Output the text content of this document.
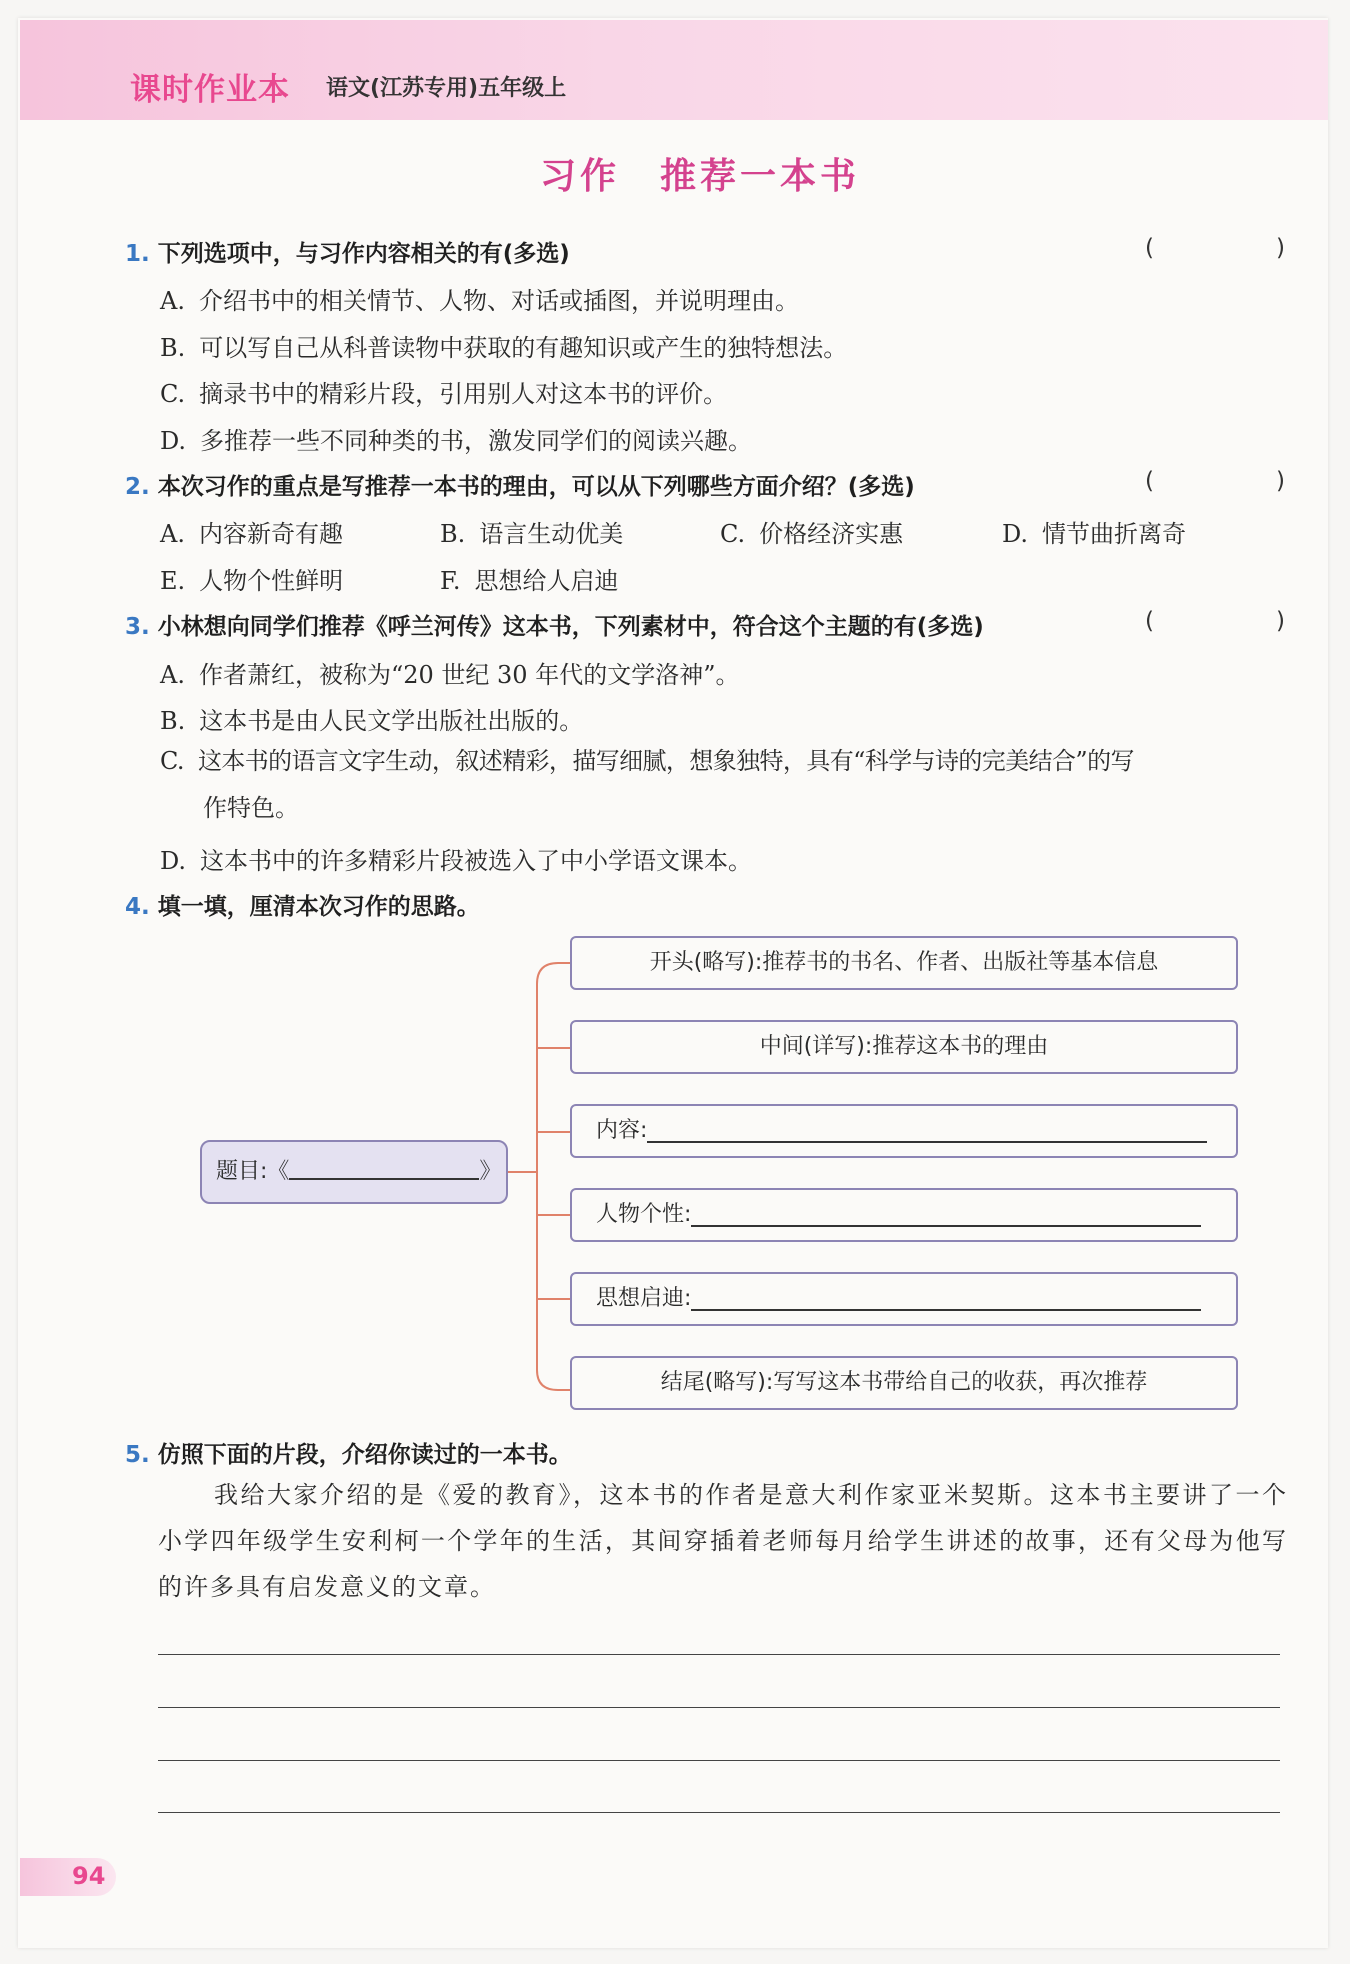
课时作业本 语文(江苏专用)五年级上
习作 推荐一本书
1. 下列选项中，与习作内容相关的有(多选)	(	)
A. 介绍书中的相关情节、人物、对话或插图，并说明理由。
B. 可以写自己从科普读物中获取的有趣知识或产生的独特想法。
C. 摘录书中的精彩片段，引用别人对这本书的评价。
D. 多推荐一些不同种类的书，激发同学们的阅读兴趣。
2. 本次习作的重点是写推荐一本书的理由，可以从下列哪些方面介绍？(多选)	(	)
A. 内容新奇有趣	B. 语言生动优美	C. 价格经济实惠	D. 情节曲折离奇
E. 人物个性鲜明	F. 思想给人启迪
3. 小林想向同学们推荐《呼兰河传》这本书，下列素材中，符合这个主题的有(多选)	(	)
A. 作者萧红，被称为“20 世纪 30 年代的文学洛神”。
B. 这本书是由人民文学出版社出版的。
C. 这本书的语言文字生动，叙述精彩，描写细腻，想象独特，具有“科学与诗的完美结合”的写
作特色。
D. 这本书中的许多精彩片段被选入了中小学语文课本。
4. 填一填，厘清本次习作的思路。
题目:《	》
开头(略写):推荐书的书名、作者、出版社等基本信息
中间(详写):推荐这本书的理由
内容:
人物个性:
思想启迪:
结尾(略写):写写这本书带给自己的收获，再次推荐
5. 仿照下面的片段，介绍你读过的一本书。
我给大家介绍的是《爱的教育》，这本书的作者是意大利作家亚米契斯。这本书主要讲了一个小学四年级学生安利柯一个学年的生活，其间穿插着老师每月给学生讲述的故事，还有父母为他写的许多具有启发意义的文章。
94
